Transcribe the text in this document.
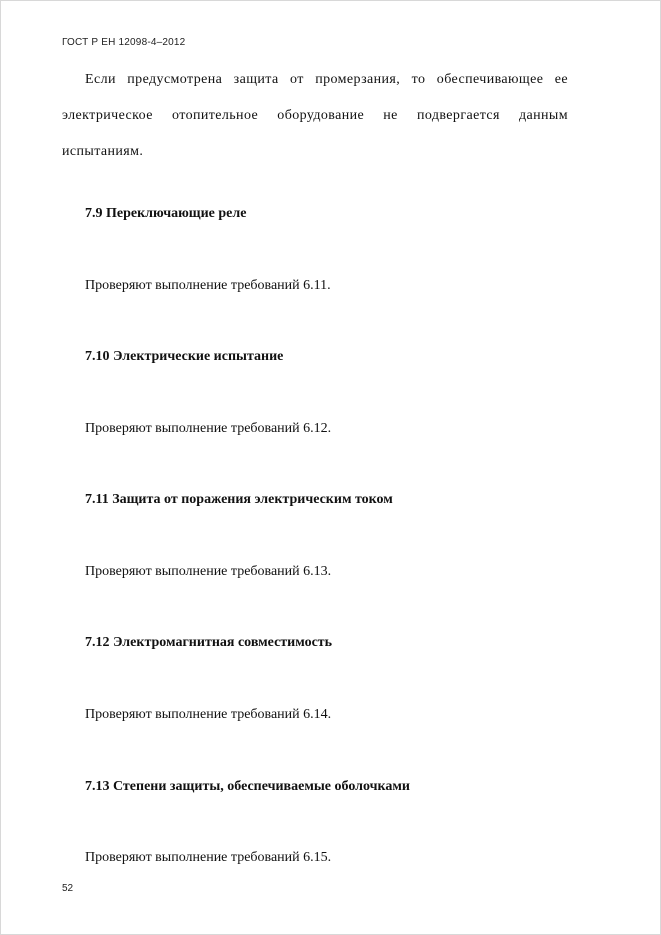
ГОСТ Р ЕН 12098-4–2012

Если предусмотрена защита от промерзания, то обеспечивающее ее электрическое отопительное оборудование не подвергается данным испытаниям.

7.9 Переключающие реле

Проверяют выполнение требований 6.11.

7.10 Электрические испытание

Проверяют выполнение требований 6.12.

7.11 Защита от поражения электрическим током

Проверяют выполнение требований 6.13.

7.12 Электромагнитная совместимость

Проверяют выполнение требований 6.14.

7.13 Степени защиты, обеспечиваемые оболочками

Проверяют выполнение требований 6.15.

52
